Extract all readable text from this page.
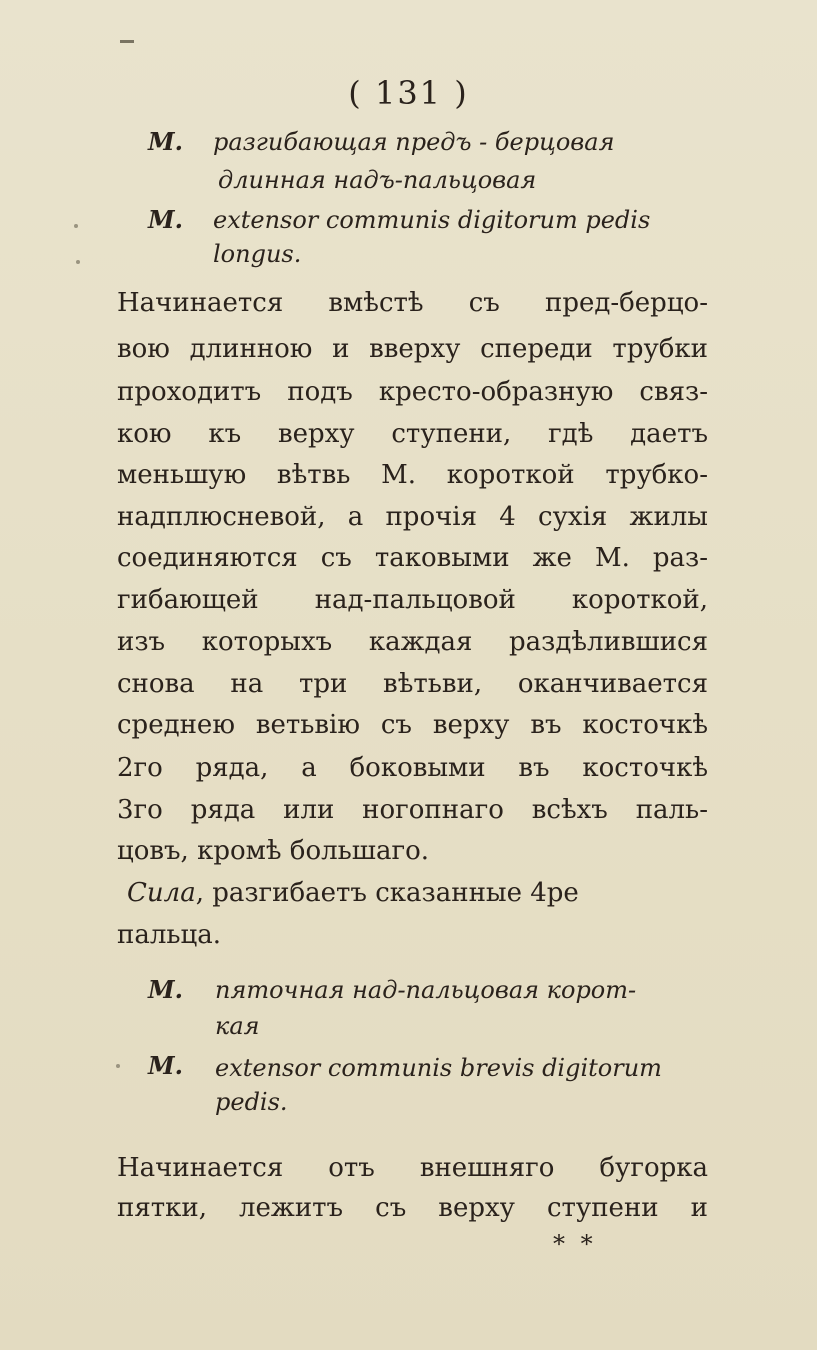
( 131 )
M. разгибающая предъ - берцовая
длинная надъ-пальцовая
M. extensor communis digitorum pedis
longus.
Начинается вмѣстѣ съ пред-берцо-
вою длинною и вверху спереди трубки
проходитъ подъ кресто-образную связ-
кою къ верху ступени, гдѣ даетъ
меньшую вѣтвь М. короткой трубко-
надплюсневой, а прочія 4 сухія жилы
соединяются съ таковыми же М. раз-
гибающей над-пальцовой короткой,
изъ которыхъ каждая раздѣлившися
снова на три вѣтьви, оканчивается
среднею ветьвію съ верху въ косточкѣ
2го ряда, а боковыми въ косточкѣ
3го ряда или ногопнаго всѣхъ паль-
цовъ, кромѣ большаго.
Сила, разгибаетъ сказанные 4ре
пальца.
M. пяточная над-пальцовая корот-
кая
M. extensor communis brevis digitorum
pedis.
Начинается отъ внешняго бугорка
пятки, лежитъ съ верху ступени и
* *
